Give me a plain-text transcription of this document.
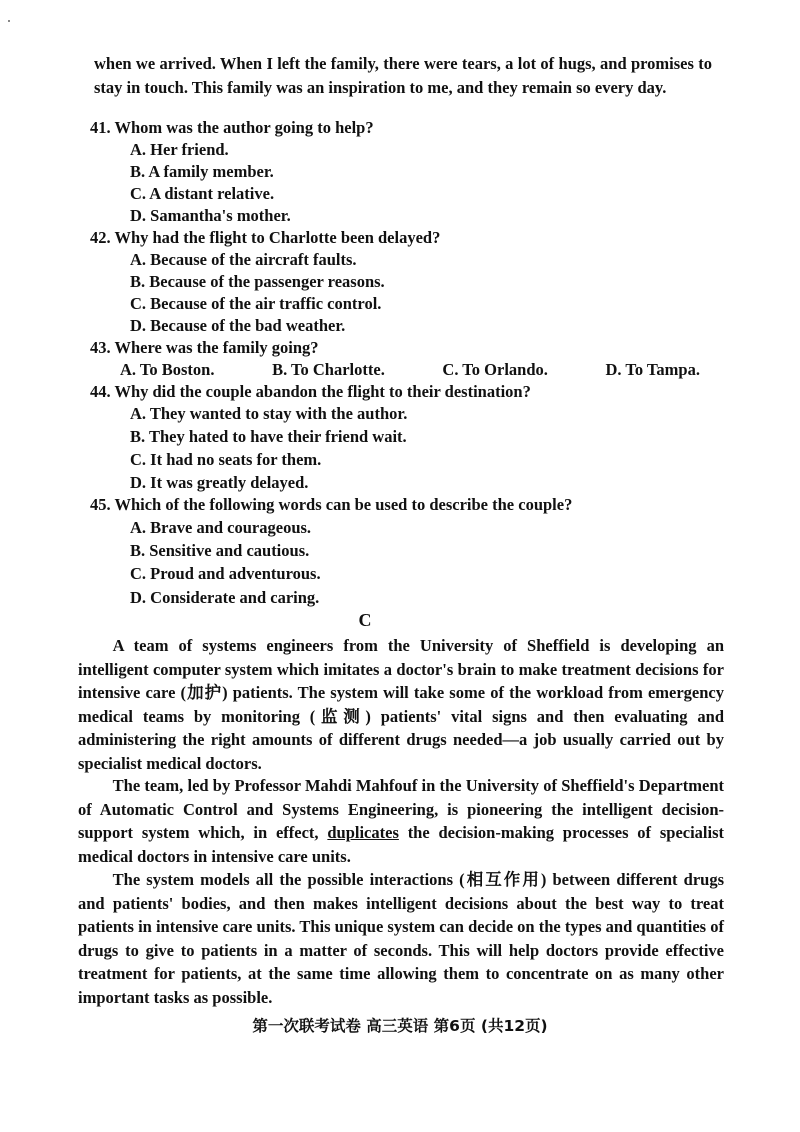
when we arrived. When I left the family, there were tears, a lot of hugs, and promises to stay in touch. This family was an inspiration to me, and they remain so every day.
41. Whom was the author going to help?
A. Her friend.
B. A family member.
C. A distant relative.
D. Samantha's mother.
42. Why had the flight to Charlotte been delayed?
A. Because of the aircraft faults.
B. Because of the passenger reasons.
C. Because of the air traffic control.
D. Because of the bad weather.
43. Where was the family going?
A. To Boston.	B. To Charlotte.	C. To Orlando.	D. To Tampa.
44. Why did the couple abandon the flight to their destination?
A. They wanted to stay with the author.
B. They hated to have their friend wait.
C. It had no seats for them.
D. It was greatly delayed.
45. Which of the following words can be used to describe the couple?
A. Brave and courageous.
B. Sensitive and cautious.
C. Proud and adventurous.
D. Considerate and caring.
C
A team of systems engineers from the University of Sheffield is developing an intelligent computer system which imitates a doctor's brain to make treatment decisions for intensive care (加护) patients. The system will take some of the workload from emergency medical teams by monitoring (监测) patients' vital signs and then evaluating and administering the right amounts of different drugs needed—a job usually carried out by specialist medical doctors.
The team, led by Professor Mahdi Mahfouf in the University of Sheffield's Department of Automatic Control and Systems Engineering, is pioneering the intelligent decision-support system which, in effect, duplicates the decision-making processes of specialist medical doctors in intensive care units.
The system models all the possible interactions (相互作用) between different drugs and patients' bodies, and then makes intelligent decisions about the best way to treat patients in intensive care units. This unique system can decide on the types and quantities of drugs to give to patients in a matter of seconds. This will help doctors provide effective treatment for patients, at the same time allowing them to concentrate on as many other important tasks as possible.
第一次联考试卷 高三英语 第6页 (共12页)
